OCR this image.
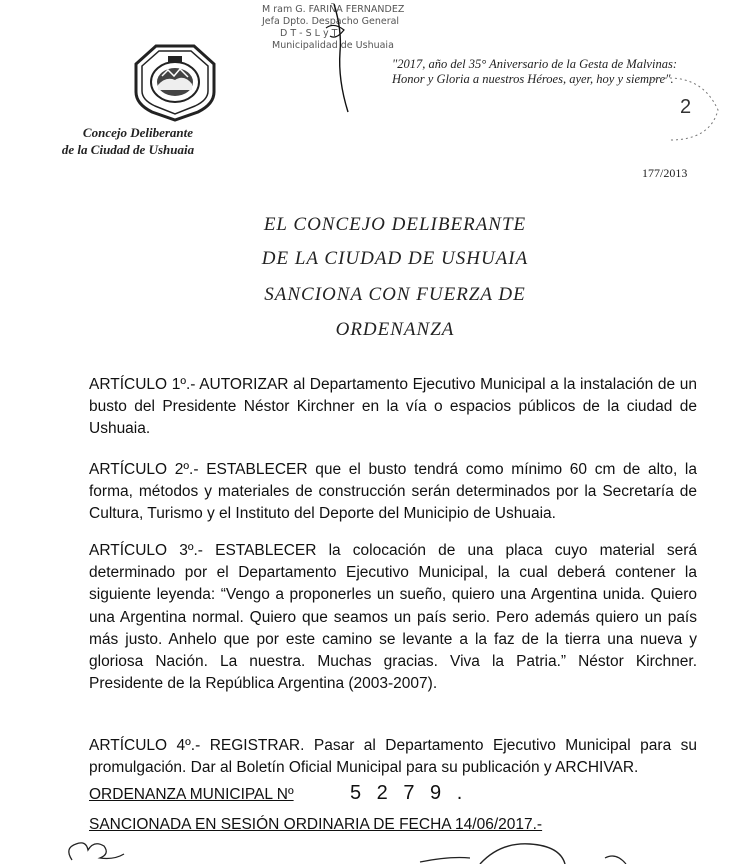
M ram G. FARIÑA FERNANDEZ
Jefa Dpto. Despacho General
D T - S L y T
Municipalidad de Ushuaia
"2017, año del 35° Aniversario de la Gesta de Malvinas:
Honor y Gloria a nuestros Héroes, ayer, hoy y siempre".
2
Concejo Deliberante
de la Ciudad de Ushuaia
177/2013
EL CONCEJO DELIBERANTE
DE LA CIUDAD DE USHUAIA
SANCIONA CON FUERZA DE
ORDENANZA
ARTÍCULO 1º.- AUTORIZAR al Departamento Ejecutivo Municipal a la instalación de un busto del Presidente Néstor Kirchner en la vía o espacios públicos de la ciudad de Ushuaia.
ARTÍCULO 2º.- ESTABLECER que el busto tendrá como mínimo 60 cm de alto, la forma, métodos y materiales de construcción serán determinados por la Secretaría de Cultura, Turismo y el Instituto del Deporte del Municipio de Ushuaia.
ARTÍCULO 3º.- ESTABLECER la colocación de una placa cuyo material será determinado por el Departamento Ejecutivo Municipal, la cual deberá contener la siguiente leyenda: “Vengo a proponerles un sueño, quiero una Argentina unida. Quiero una Argentina normal. Quiero que seamos un país serio. Pero además quiero un país más justo. Anhelo que por este camino se levante a la faz de la tierra una nueva y gloriosa Nación. La nuestra. Muchas gracias. Viva la Patria.” Néstor Kirchner. Presidente de la República Argentina (2003-2007).
ARTÍCULO 4º.- REGISTRAR. Pasar al Departamento Ejecutivo Municipal para su promulgación. Dar al Boletín Oficial Municipal para su publicación y ARCHIVAR.
ORDENANZA MUNICIPAL Nº	5 2 7 9 .
SANCIONADA EN SESIÓN ORDINARIA DE FECHA 14/06/2017.-
